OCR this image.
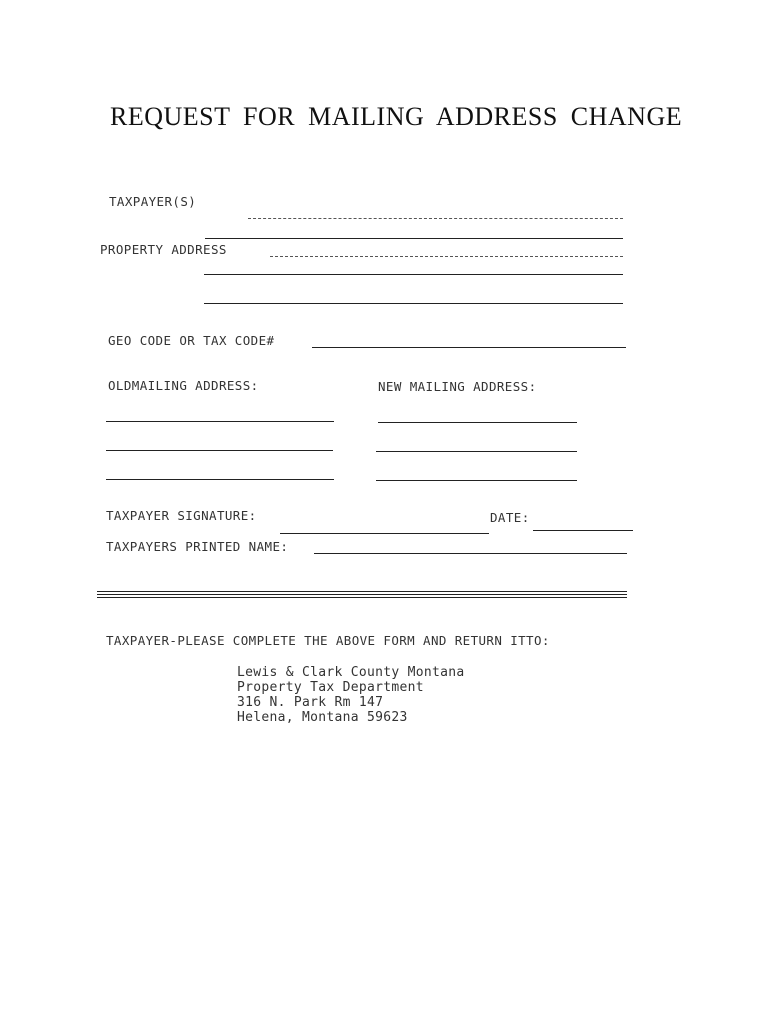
REQUEST FOR MAILING ADDRESS CHANGE
TAXPAYER(S)
PROPERTY ADDRESS
GEO CODE OR TAX CODE#
OLDMAILING ADDRESS:	NEW MAILING ADDRESS:
TAXPAYER SIGNATURE:	DATE:
TAXPAYERS PRINTED NAME:
TAXPAYER-PLEASE COMPLETE THE ABOVE FORM AND RETURN ITTO:
Lewis & Clark County Montana
Property Tax Department
316 N. Park Rm 147
Helena, Montana 59623
